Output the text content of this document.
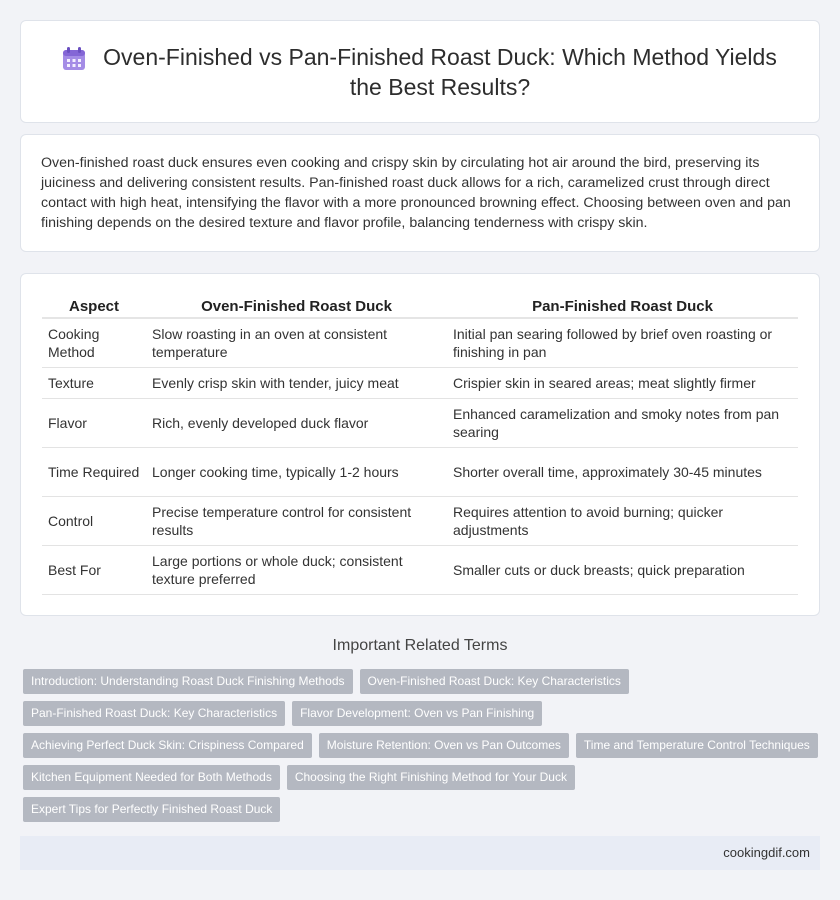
Oven-Finished vs Pan-Finished Roast Duck: Which Method Yields the Best Results?

Oven-finished roast duck ensures even cooking and crispy skin by circulating hot air around the bird, preserving its juiciness and delivering consistent results. Pan-finished roast duck allows for a rich, caramelized crust through direct contact with high heat, intensifying the flavor with a more pronounced browning effect. Choosing between oven and pan finishing depends on the desired texture and flavor profile, balancing tenderness with crispy skin.

Aspect	Oven-Finished Roast Duck	Pan-Finished Roast Duck
Cooking Method	Slow roasting in an oven at consistent temperature	Initial pan searing followed by brief oven roasting or finishing in pan
Texture	Evenly crisp skin with tender, juicy meat	Crispier skin in seared areas; meat slightly firmer
Flavor	Rich, evenly developed duck flavor	Enhanced caramelization and smoky notes from pan searing
Time Required	Longer cooking time, typically 1-2 hours	Shorter overall time, approximately 30-45 minutes
Control	Precise temperature control for consistent results	Requires attention to avoid burning; quicker adjustments
Best For	Large portions or whole duck; consistent texture preferred	Smaller cuts or duck breasts; quick preparation
Important Related Terms
Introduction: Understanding Roast Duck Finishing Methods	Oven-Finished Roast Duck: Key Characteristics
Pan-Finished Roast Duck: Key Characteristics	Flavor Development: Oven vs Pan Finishing
Achieving Perfect Duck Skin: Crispiness Compared	Moisture Retention: Oven vs Pan Outcomes	Time and Temperature Control Techniques
Kitchen Equipment Needed for Both Methods	Choosing the Right Finishing Method for Your Duck
Expert Tips for Perfectly Finished Roast Duck
cookingdif.com
